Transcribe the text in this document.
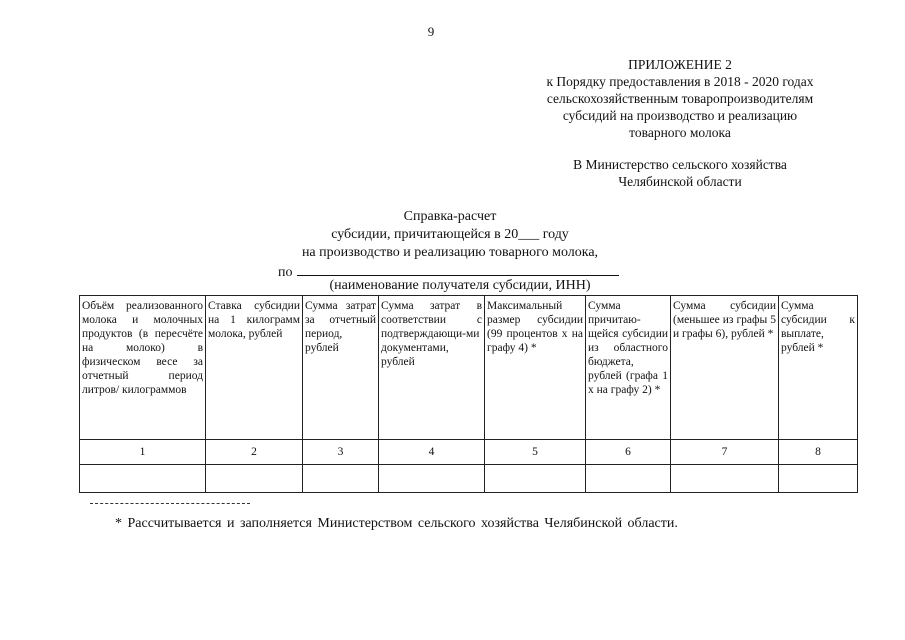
9
ПРИЛОЖЕНИЕ 2
к Порядку предоставления в 2018 - 2020 годах
сельскохозяйственным товаропроизводителям
субсидий на производство и реализацию
товарного молока
В Министерство сельского хозяйства
Челябинской области
Справка-расчет
субсидии, причитающейся в 20___ году
на производство и реализацию товарного молока,
по
(наименование получателя субсидии, ИНН)
Объём реализованного молока и молочных продуктов (в пересчёте на молоко) в физическом весе за отчетный период литров/ килограммов	Ставка субсидии на 1 килограмм молока, рублей	Сумма затрат за отчетный период, рублей	Сумма затрат в соответствии с подтверждающи-ми документами, рублей	Максимальный размер субсидии (99 процентов х на графу 4) *	Сумма причитаю-щейся субсидии из областного бюджета, рублей (графа 1 х на графу 2) *	Сумма субсидии (меньшее из графы 5 и графы 6), рублей *	Сумма субсидии к выплате, рублей *
1	2	3	4	5	6	7	8

* Рассчитывается и заполняется Министерством сельского хозяйства Челябинской области.
